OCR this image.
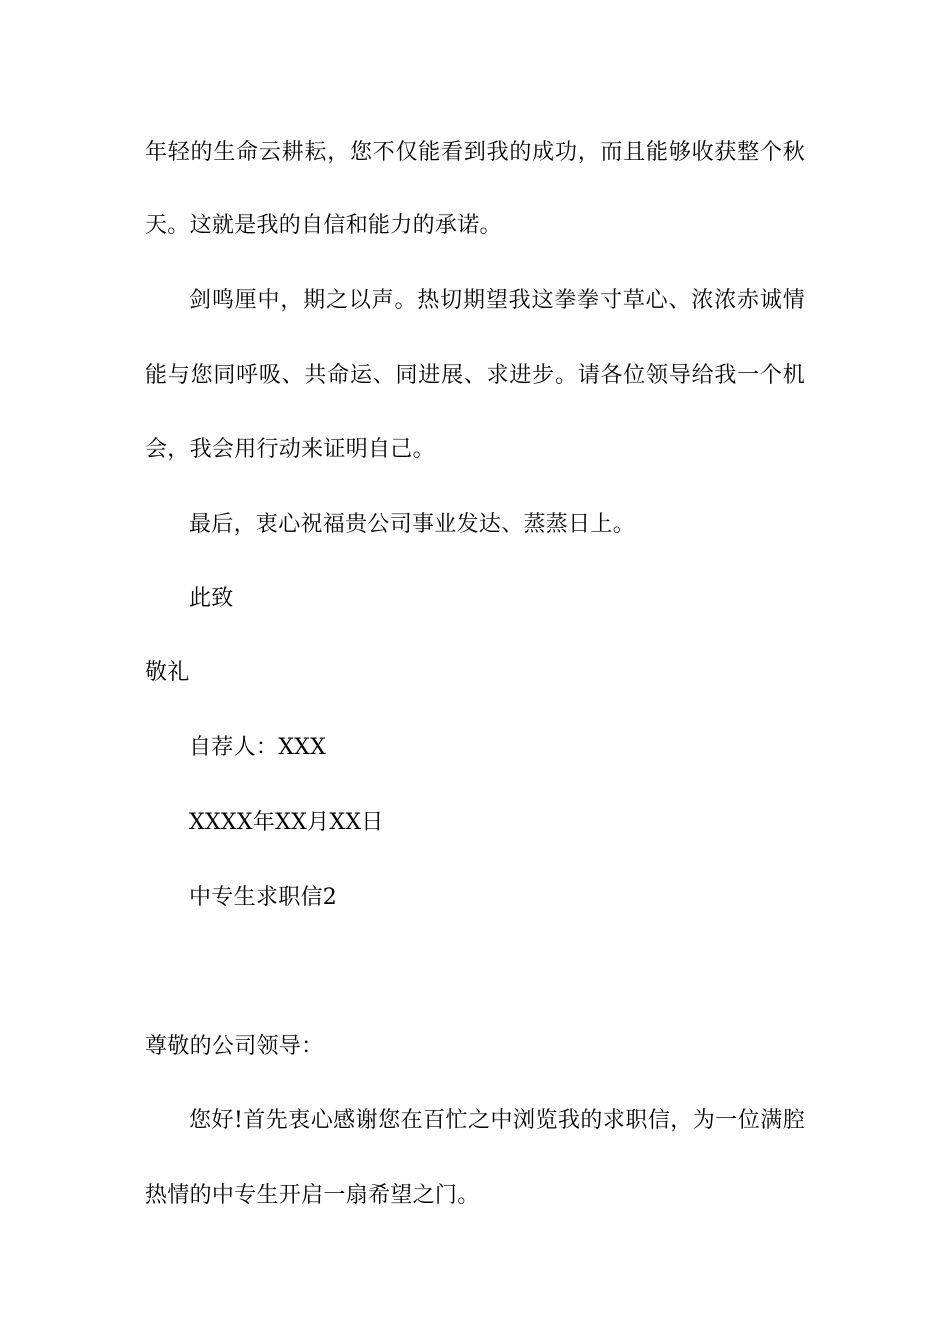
年轻的生命云耕耘，您不仅能看到我的成功，而且能够收获整个秋
天。这就是我的自信和能力的承诺。
剑鸣厘中，期之以声。热切期望我这拳拳寸草心、浓浓赤诚情
能与您同呼吸、共命运、同进展、求进步。请各位领导给我一个机
会，我会用行动来证明自己。
最后，衷心祝福贵公司事业发达、蒸蒸日上。
此致
敬礼
自荐人：XXX
XXXX年XX月XX日
中专生求职信2
尊敬的公司领导：
您好!首先衷心感谢您在百忙之中浏览我的求职信，为一位满腔
热情的中专生开启一扇希望之门。
